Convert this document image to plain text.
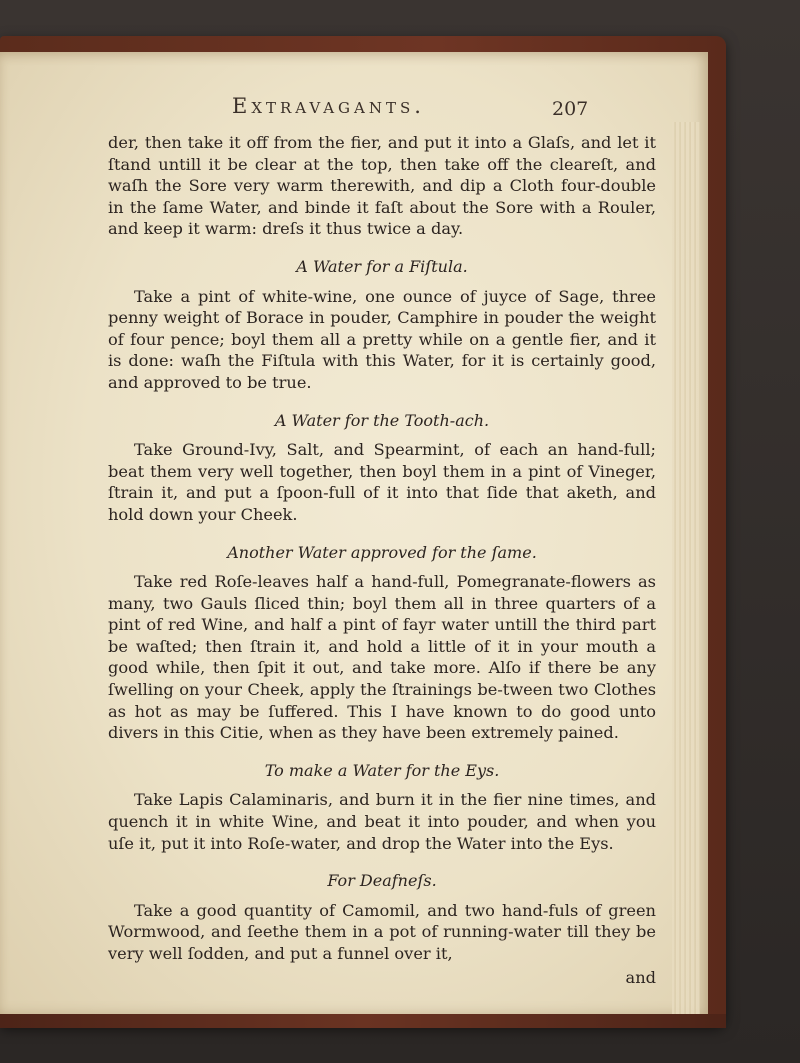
Extravagants.	207

der, then take it off from the fier, and put it into a Glaſs, and let it ſtand untill it be clear at the top, then take off the cleareſt, and waſh the Sore very warm therewith, and dip a Cloth four-double in the ſame Water, and binde it faſt about the Sore with a Rouler, and keep it warm: dreſs it thus twice a day.

A Water for a Fiſtula.

Take a pint of white-wine, one ounce of juyce of Sage, three penny weight of Borace in pouder, Camphire in pouder the weight of four pence; boyl them all a pretty while on a gentle fier, and it is done: waſh the Fiſtula with this Water, for it is certainly good, and approved to be true.

A Water for the Tooth-ach.

Take Ground-Ivy, Salt, and Spearmint, of each an hand-full; beat them very well together, then boyl them in a pint of Vineger, ſtrain it, and put a ſpoon-full of it into that ſide that aketh, and hold down your Cheek.

Another Water approved for the ſame.

Take red Roſe-leaves half a hand-full, Pomegranate-flowers as many, two Gauls ſliced thin; boyl them all in three quarters of a pint of red Wine, and half a pint of fayr water untill the third part be waſted; then ſtrain it, and hold a little of it in your mouth a good while, then ſpit it out, and take more. Alſo if there be any ſwelling on your Cheek, apply the ſtrainings be-tween two Clothes as hot as may be ſuffered. This I have known to do good unto divers in this Citie, when as they have been extremely pained.

To make a Water for the Eys.

Take Lapis Calaminaris, and burn it in the fier nine times, and quench it in white Wine, and beat it into pouder, and when you uſe it, put it into Roſe-water, and drop the Water into the Eys.

For Deafneſs.

Take a good quantity of Camomil, and two hand-fuls of green Wormwood, and ſeethe them in a pot of running-water till they be very well ſodden, and put a funnel over it,

and
